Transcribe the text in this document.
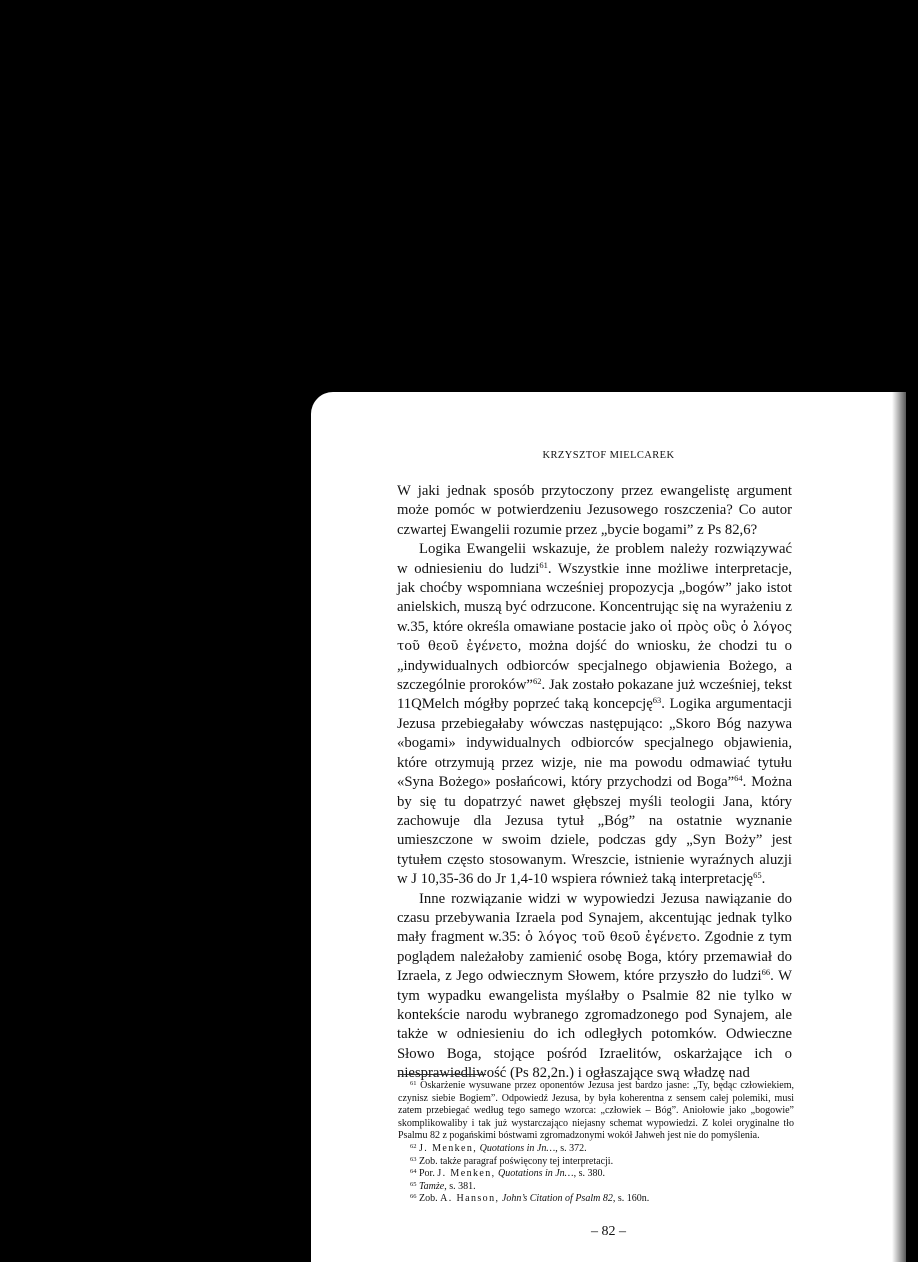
KRZYSZTOF MIELCAREK

W jaki jednak sposób przytoczony przez ewangelistę argument może pomóc w potwierdzeniu Jezusowego roszczenia? Co autor czwartej Ewangelii rozumie przez „bycie bogami” z Ps 82,6?

Logika Ewangelii wskazuje, że problem należy rozwiązywać w odniesieniu do ludzi$^{61}$. Wszystkie inne możliwe interpretacje, jak choćby wspomniana wcześniej propozycja „bogów” jako istot anielskich, muszą być odrzucone. Koncentrując się na wyrażeniu z w.35, które określa omawiane postacie jako οἱ πρὸς οὓς ὁ λόγος τοῦ θεοῦ ἐγένετο, można dojść do wniosku, że chodzi tu o „indywidualnych odbiorców specjalnego objawienia Bożego, a szczególnie proroków”$^{62}$. Jak zostało pokazane już wcześniej, tekst 11QMelch mógłby poprzeć taką koncepcję$^{63}$. Logika argumentacji Jezusa przebiegałaby wówczas następująco: „Skoro Bóg nazywa «bogami» indywidualnych odbiorców specjalnego objawienia, które otrzymują przez wizje, nie ma powodu odmawiać tytułu «Syna Bożego» posłańcowi, który przychodzi od Boga”$^{64}$. Można by się tu dopatrzyć nawet głębszej myśli teologii Jana, który zachowuje dla Jezusa tytuł „Bóg” na ostatnie wyznanie umieszczone w swoim dziele, podczas gdy „Syn Boży” jest tytułem często stosowanym. Wreszcie, istnienie wyraźnych aluzji w J 10,35-36 do Jr 1,4-10 wspiera również taką interpretację$^{65}$.

Inne rozwiązanie widzi w wypowiedzi Jezusa nawiązanie do czasu przebywania Izraela pod Synajem, akcentując jednak tylko mały fragment w.35: ὁ λόγος τοῦ θεοῦ ἐγένετο. Zgodnie z tym poglądem należałoby zamienić osobę Boga, który przemawiał do Izraela, z Jego odwiecznym Słowem, które przyszło do ludzi$^{66}$. W tym wypadku ewangelista myślałby o Psalmie 82 nie tylko w kontekście narodu wybranego zgromadzonego pod Synajem, ale także w odniesieniu do ich odległych potomków. Odwieczne Słowo Boga, stojące pośród Izraelitów, oskarżające ich o niesprawiedliwość (Ps 82,2n.) i ogłaszające swą władzę nad

$^{61}$ Oskarżenie wysuwane przez oponentów Jezusa jest bardzo jasne: „Ty, będąc człowiekiem, czynisz siebie Bogiem”. Odpowiedź Jezusa, by była koherentna z sensem całej polemiki, musi zatem przebiegać według tego samego wzorca: „człowiek – Bóg”. Aniołowie jako „bogowie” skomplikowaliby i tak już wystarczająco niejasny schemat wypowiedzi. Z kolei oryginalne tło Psalmu 82 z pogańskimi bóstwami zgromadzonymi wokół Jahweh jest nie do pomyślenia.

$^{62}$ J. Menken, Quotations in Jn…, s. 372.

$^{63}$ Zob. także paragraf poświęcony tej interpretacji.

$^{64}$ Por. J. Menken, Quotations in Jn…, s. 380.

$^{65}$ Tamże, s. 381.

$^{66}$ Zob. A. Hanson, John’s Citation of Psalm 82, s. 160n.

– 82 –
